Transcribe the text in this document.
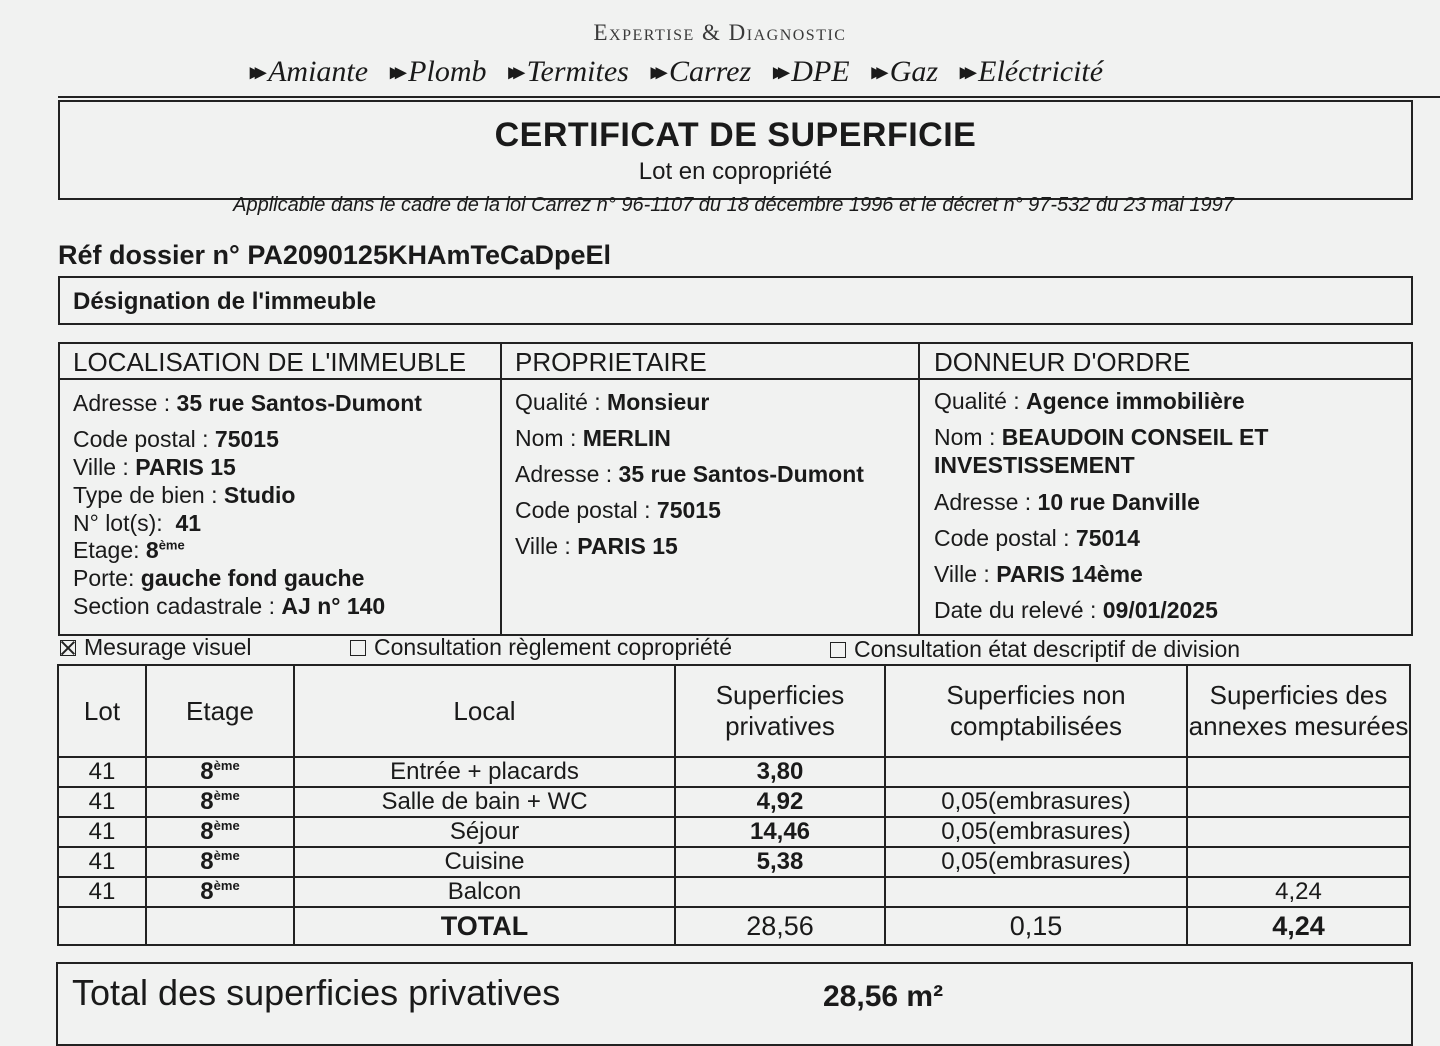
Expertise & Diagnostic
▸▸ Amiante ▸▸ Plomb ▸▸ Termites ▸▸ Carrez ▸▸ DPE ▸▸ Gaz ▸▸ Eléctricité
CERTIFICAT DE SUPERFICIE
Lot en copropriété
Applicable dans le cadre de la loi Carrez n° 96-1107 du 18 décembre 1996 et le décret n° 97-532 du 23 mai 1997
Réf dossier n° PA2090125KHAmTeCaDpeEl
Désignation de l'immeuble
LOCALISATION DE L'IMMEUBLE
Adresse : 35 rue Santos-Dumont
Code postal : 75015
Ville : PARIS 15
Type de bien : Studio
N° lot(s):  41
Etage: 8ème
Porte: gauche fond gauche
Section cadastrale : AJ n° 140
PROPRIETAIRE
Qualité : Monsieur
Nom : MERLIN
Adresse : 35 rue Santos-Dumont
Code postal : 75015
Ville : PARIS 15
DONNEUR D'ORDRE
Qualité : Agence immobilière
Nom : BEAUDOIN CONSEIL ET
INVESTISSEMENT
Adresse : 10 rue Danville
Code postal : 75014
Ville : PARIS 14ème
Date du relevé : 09/01/2025
Mesurage visuel	Consultation règlement copropriété	Consultation état descriptif de division
Lot	Etage	Local	Superficies privatives	Superficies non comptabilisées	Superficies des annexes mesurées
41	8ème	Entrée + placards	3,80		
41	8ème	Salle de bain + WC	4,92	0,05(embrasures)	
41	8ème	Séjour	14,46	0,05(embrasures)	
41	8ème	Cuisine	5,38	0,05(embrasures)	
41	8ème	Balcon			4,24
		TOTAL	28,56	0,15	4,24
Total des superficies privatives	28,56 m²
